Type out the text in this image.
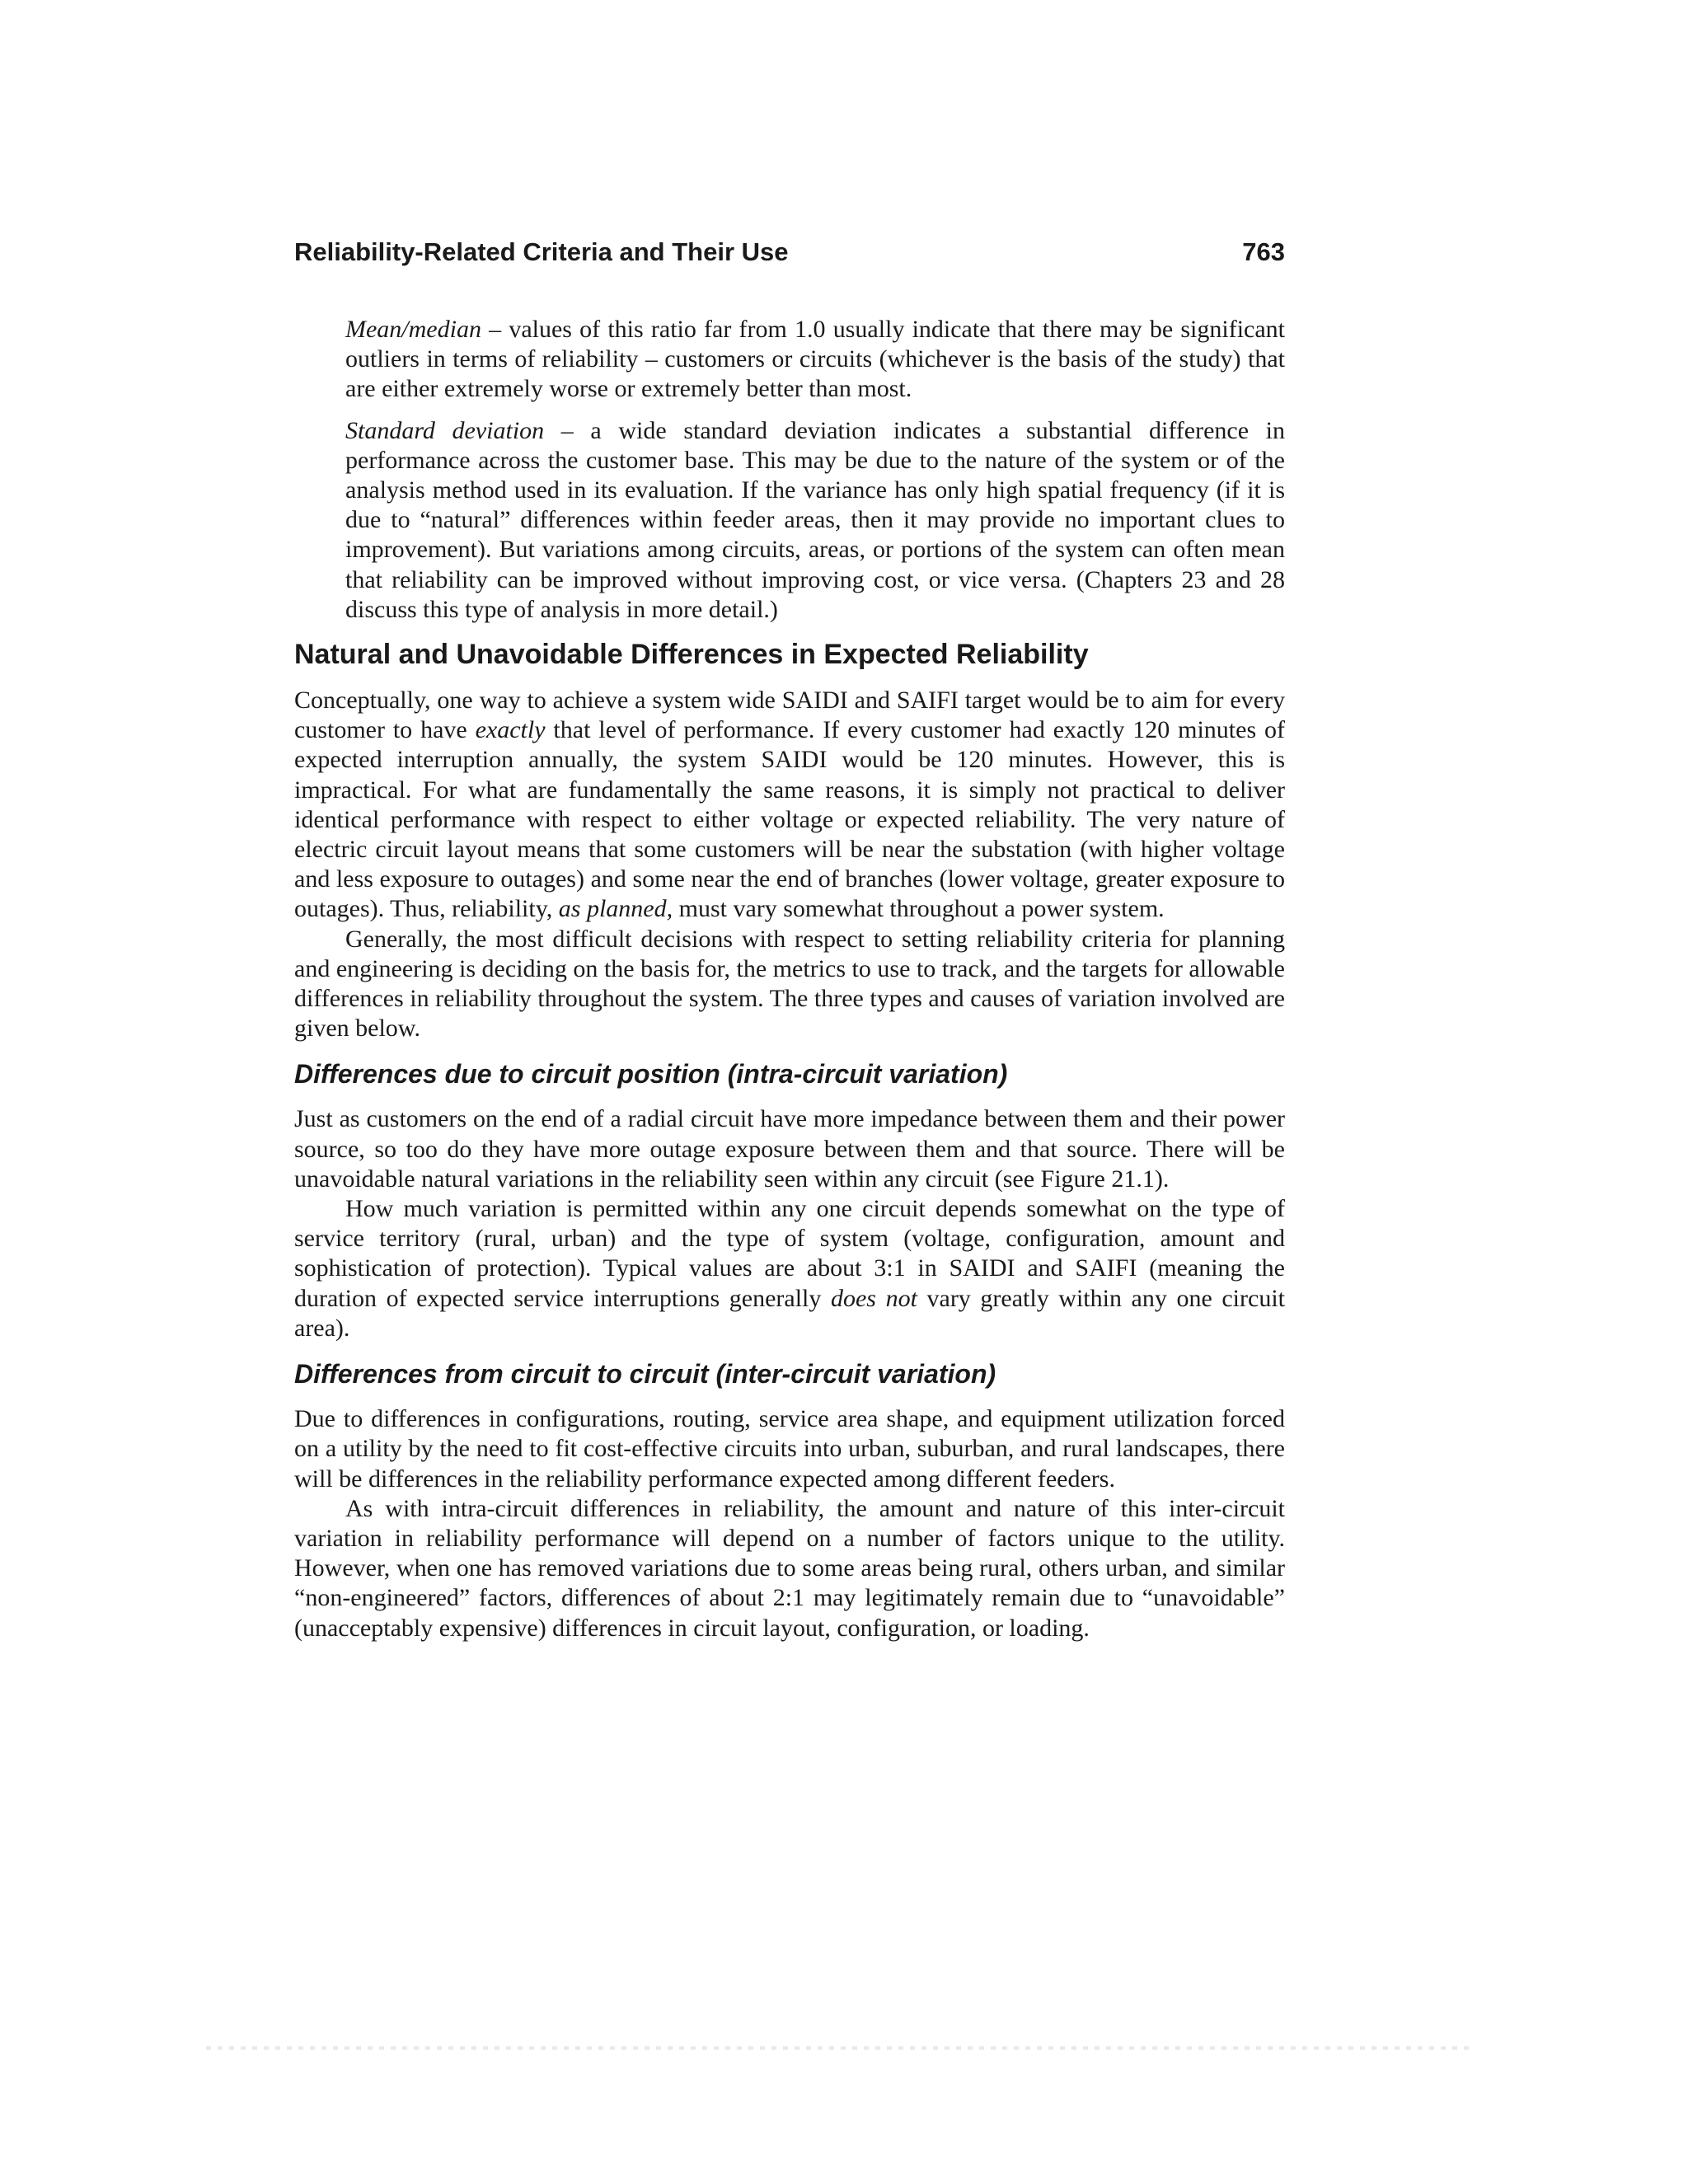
Reliability-Related Criteria and Their Use	763

Mean/median – values of this ratio far from 1.0 usually indicate that there may be significant outliers in terms of reliability – customers or circuits (whichever is the basis of the study) that are either extremely worse or extremely better than most.

Standard deviation – a wide standard deviation indicates a substantial difference in performance across the customer base. This may be due to the nature of the system or of the analysis method used in its evaluation. If the variance has only high spatial frequency (if it is due to “natural” differences within feeder areas, then it may provide no important clues to improvement). But variations among circuits, areas, or portions of the system can often mean that reliability can be improved without improving cost, or vice versa. (Chapters 23 and 28 discuss this type of analysis in more detail.)

Natural and Unavoidable Differences in Expected Reliability

Conceptually, one way to achieve a system wide SAIDI and SAIFI target would be to aim for every customer to have exactly that level of performance. If every customer had exactly 120 minutes of expected interruption annually, the system SAIDI would be 120 minutes. However, this is impractical. For what are fundamentally the same reasons, it is simply not practical to deliver identical performance with respect to either voltage or expected reliability. The very nature of electric circuit layout means that some customers will be near the substation (with higher voltage and less exposure to outages) and some near the end of branches (lower voltage, greater exposure to outages). Thus, reliability, as planned, must vary somewhat throughout a power system.

Generally, the most difficult decisions with respect to setting reliability criteria for planning and engineering is deciding on the basis for, the metrics to use to track, and the targets for allowable differences in reliability throughout the system. The three types and causes of variation involved are given below.

Differences due to circuit position (intra-circuit variation)

Just as customers on the end of a radial circuit have more impedance between them and their power source, so too do they have more outage exposure between them and that source. There will be unavoidable natural variations in the reliability seen within any circuit (see Figure 21.1).

How much variation is permitted within any one circuit depends somewhat on the type of service territory (rural, urban) and the type of system (voltage, configuration, amount and sophistication of protection). Typical values are about 3:1 in SAIDI and SAIFI (meaning the duration of expected service interruptions generally does not vary greatly within any one circuit area).

Differences from circuit to circuit (inter-circuit variation)

Due to differences in configurations, routing, service area shape, and equipment utilization forced on a utility by the need to fit cost-effective circuits into urban, suburban, and rural landscapes, there will be differences in the reliability performance expected among different feeders.

As with intra-circuit differences in reliability, the amount and nature of this inter-circuit variation in reliability performance will depend on a number of factors unique to the utility. However, when one has removed variations due to some areas being rural, others urban, and similar “non-engineered” factors, differences of about 2:1 may legitimately remain due to “unavoidable” (unacceptably expensive) differences in circuit layout, configuration, or loading.
